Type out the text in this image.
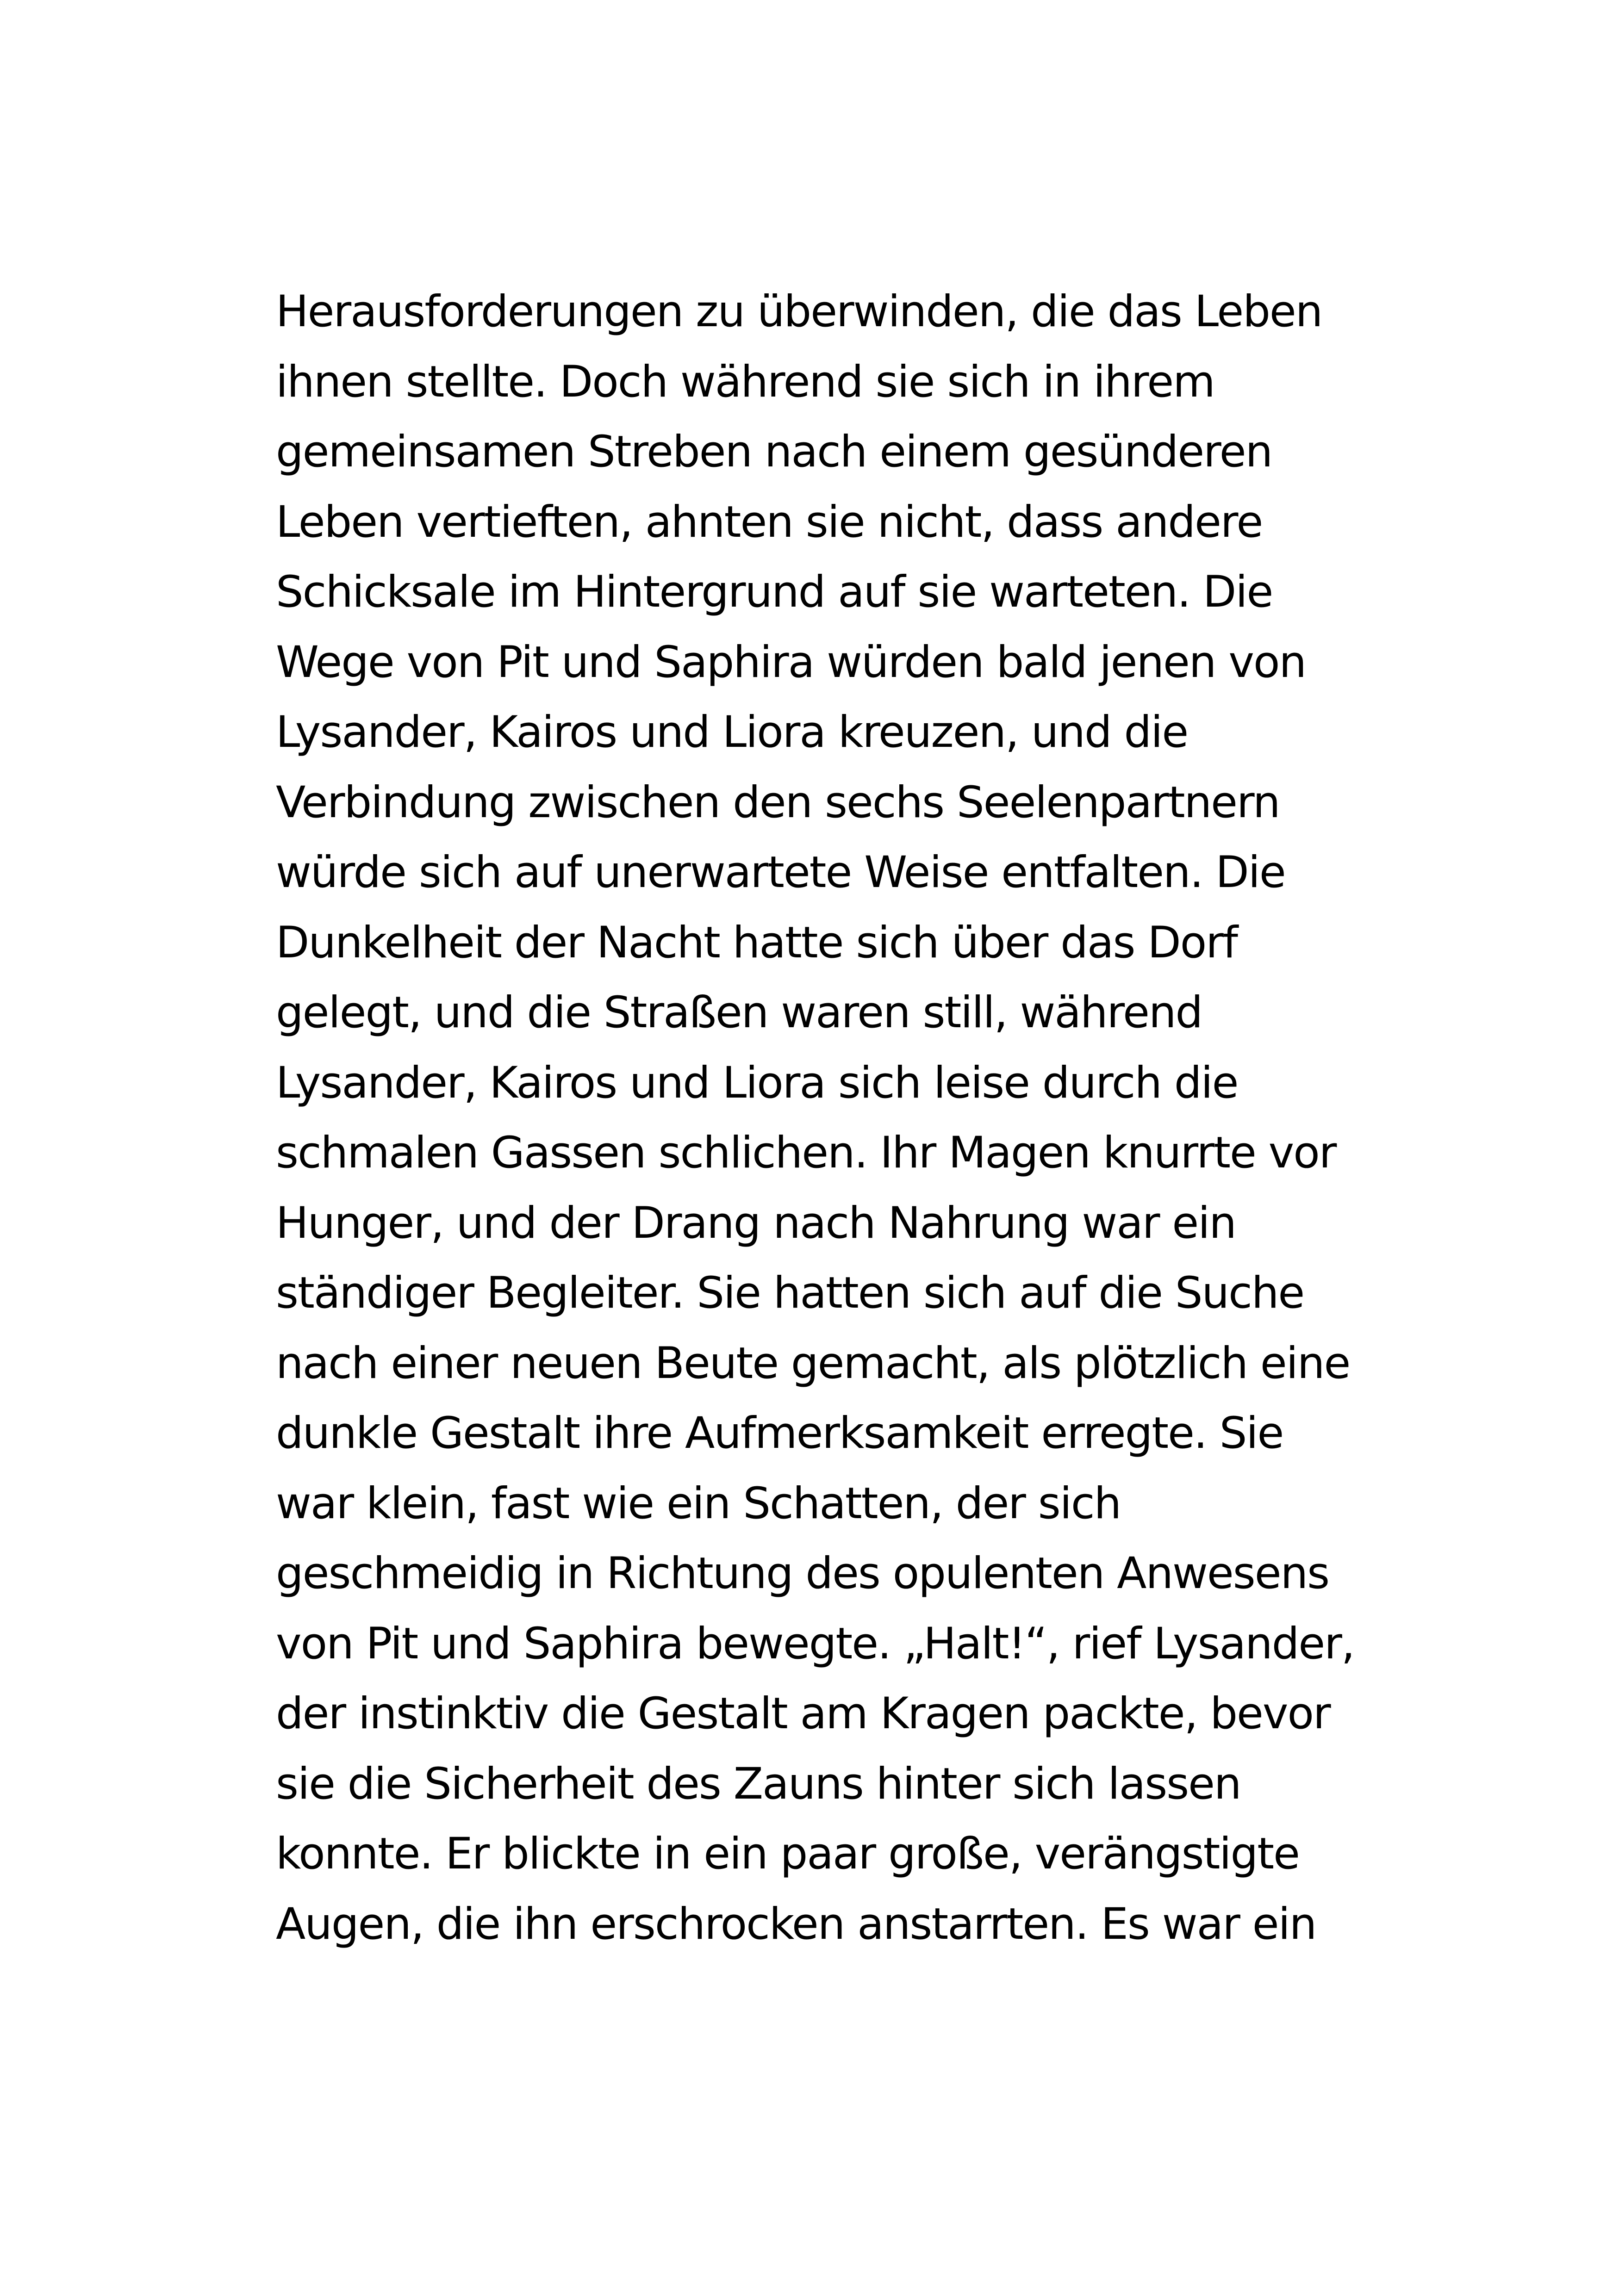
Herausforderungen zu überwinden, die das Leben
ihnen stellte. Doch während sie sich in ihrem
gemeinsamen Streben nach einem gesünderen
Leben vertieften, ahnten sie nicht, dass andere
Schicksale im Hintergrund auf sie warteten. Die
Wege von Pit und Saphira würden bald jenen von
Lysander, Kairos und Liora kreuzen, und die
Verbindung zwischen den sechs Seelenpartnern
würde sich auf unerwartete Weise entfalten. Die
Dunkelheit der Nacht hatte sich über das Dorf
gelegt, und die Straßen waren still, während
Lysander, Kairos und Liora sich leise durch die
schmalen Gassen schlichen. Ihr Magen knurrte vor
Hunger, und der Drang nach Nahrung war ein
ständiger Begleiter. Sie hatten sich auf die Suche
nach einer neuen Beute gemacht, als plötzlich eine
dunkle Gestalt ihre Aufmerksamkeit erregte. Sie
war klein, fast wie ein Schatten, der sich
geschmeidig in Richtung des opulenten Anwesens
von Pit und Saphira bewegte. „Halt!“, rief Lysander,
der instinktiv die Gestalt am Kragen packte, bevor
sie die Sicherheit des Zauns hinter sich lassen
konnte. Er blickte in ein paar große, verängstigte
Augen, die ihn erschrocken anstarrten. Es war ein
